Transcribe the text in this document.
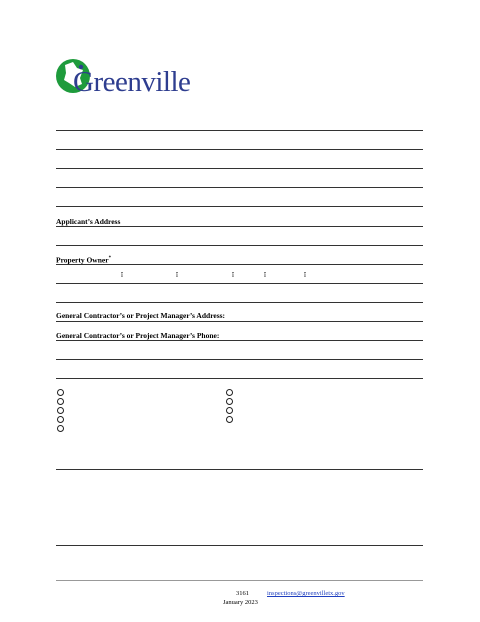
Greenville
Applicant’s Address
Property Owner*
ĭ	ĭ	ĭ	ĭ	ĭ
General Contractor’s or Project Manager’s Address:
General Contractor’s or Project Manager’s Phone:
3161	inspections@greenvilletx.gov
January 2023
